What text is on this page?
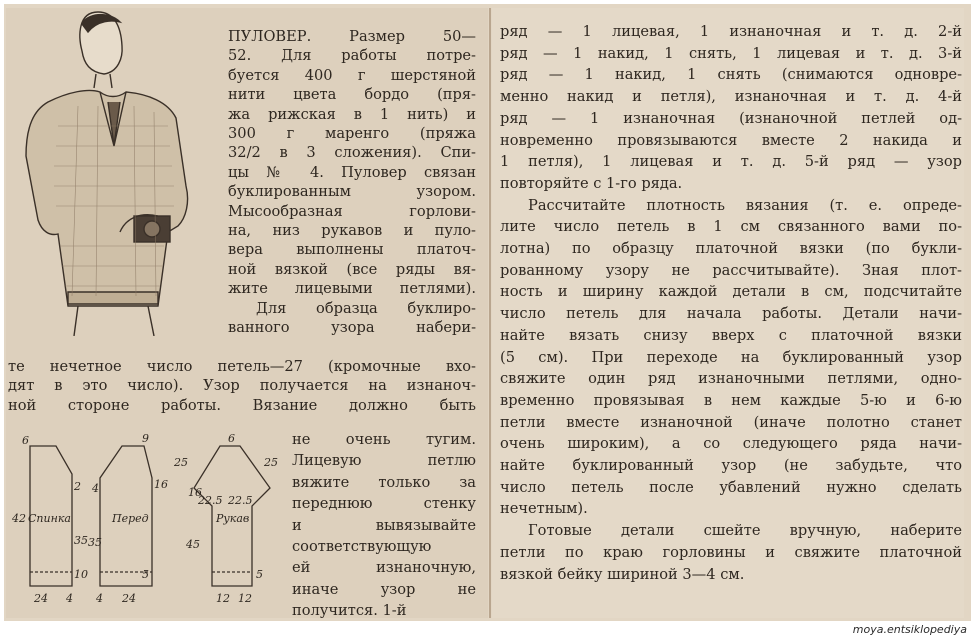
ПУЛОВЕР. Размер 50—
52. Для работы потре-
буется 400 г шерстяной
нити цвета бордо (пря-
жа рижская в 1 нить) и
300 г маренго (пряжа
32/2 в 3 сложения). Спи-
цы № 4. Пуловер связан
буклированным узором.
Мысообразная горлови-
на, низ рукавов и пуло-
вера выполнены платоч-
ной вязкой (все ряды вя-
жите лицевыми петлями).
Для образца буклиро-
ванного узора набери-
те нечетное число петель—27 (кромочные вхо-
дят в это число). Узор получается на изнаноч-
ной стороне работы. Вязание должно быть
не очень тугим.
Лицевую петлю
вяжите только за
переднюю стенку
и вывязывайте
соответствующую
ей изнаночную,
иначе узор не
получится. 1-й
ряд — 1 лицевая, 1 изнаночная и т. д. 2-й
ряд — 1 накид, 1 снять, 1 лицевая и т. д. 3-й
ряд — 1 накид, 1 снять (снимаются одновре-
менно накид и петля), изнаночная и т. д. 4-й
ряд — 1 изнаночная (изнаночной петлей од-
новременно провязываются вместе 2 накида и
1 петля), 1 лицевая и т. д. 5-й ряд — узор
повторяйте с 1-го ряда.
Рассчитайте плотность вязания (т. е. опреде-
лите число петель в 1 см связанного вами по-
лотна) по образцу платочной вязки (по букли-
рованному узору не рассчитывайте). Зная плот-
ность и ширину каждой детали в см, подсчитайте
число петель для начала работы. Детали начи-
найте вязать снизу вверх с платочной вязки
(5 см). При переходе на буклированный узор
свяжите один ряд изнаночными петлями, одно-
временно провязывая в нем каждые 5-ю и 6-ю
петли вместе изнаночной (иначе полотно станет
очень широким), а со следующего ряда начи-
найте буклированный узор (не забудьте, что
число петель после убавлений нужно сделать
нечетным).
Готовые детали сшейте вручную, наберите
петли по краю горловины и свяжите платочной
вязкой бейку шириной 3—4 см.
Спинка	Перед	Рукав
6
2
42
35
10
24 4
9
4	16
35
5
4 24
6
25
16
45
5
22.5 22.5
12 12
25
moya.entsiklopediya
